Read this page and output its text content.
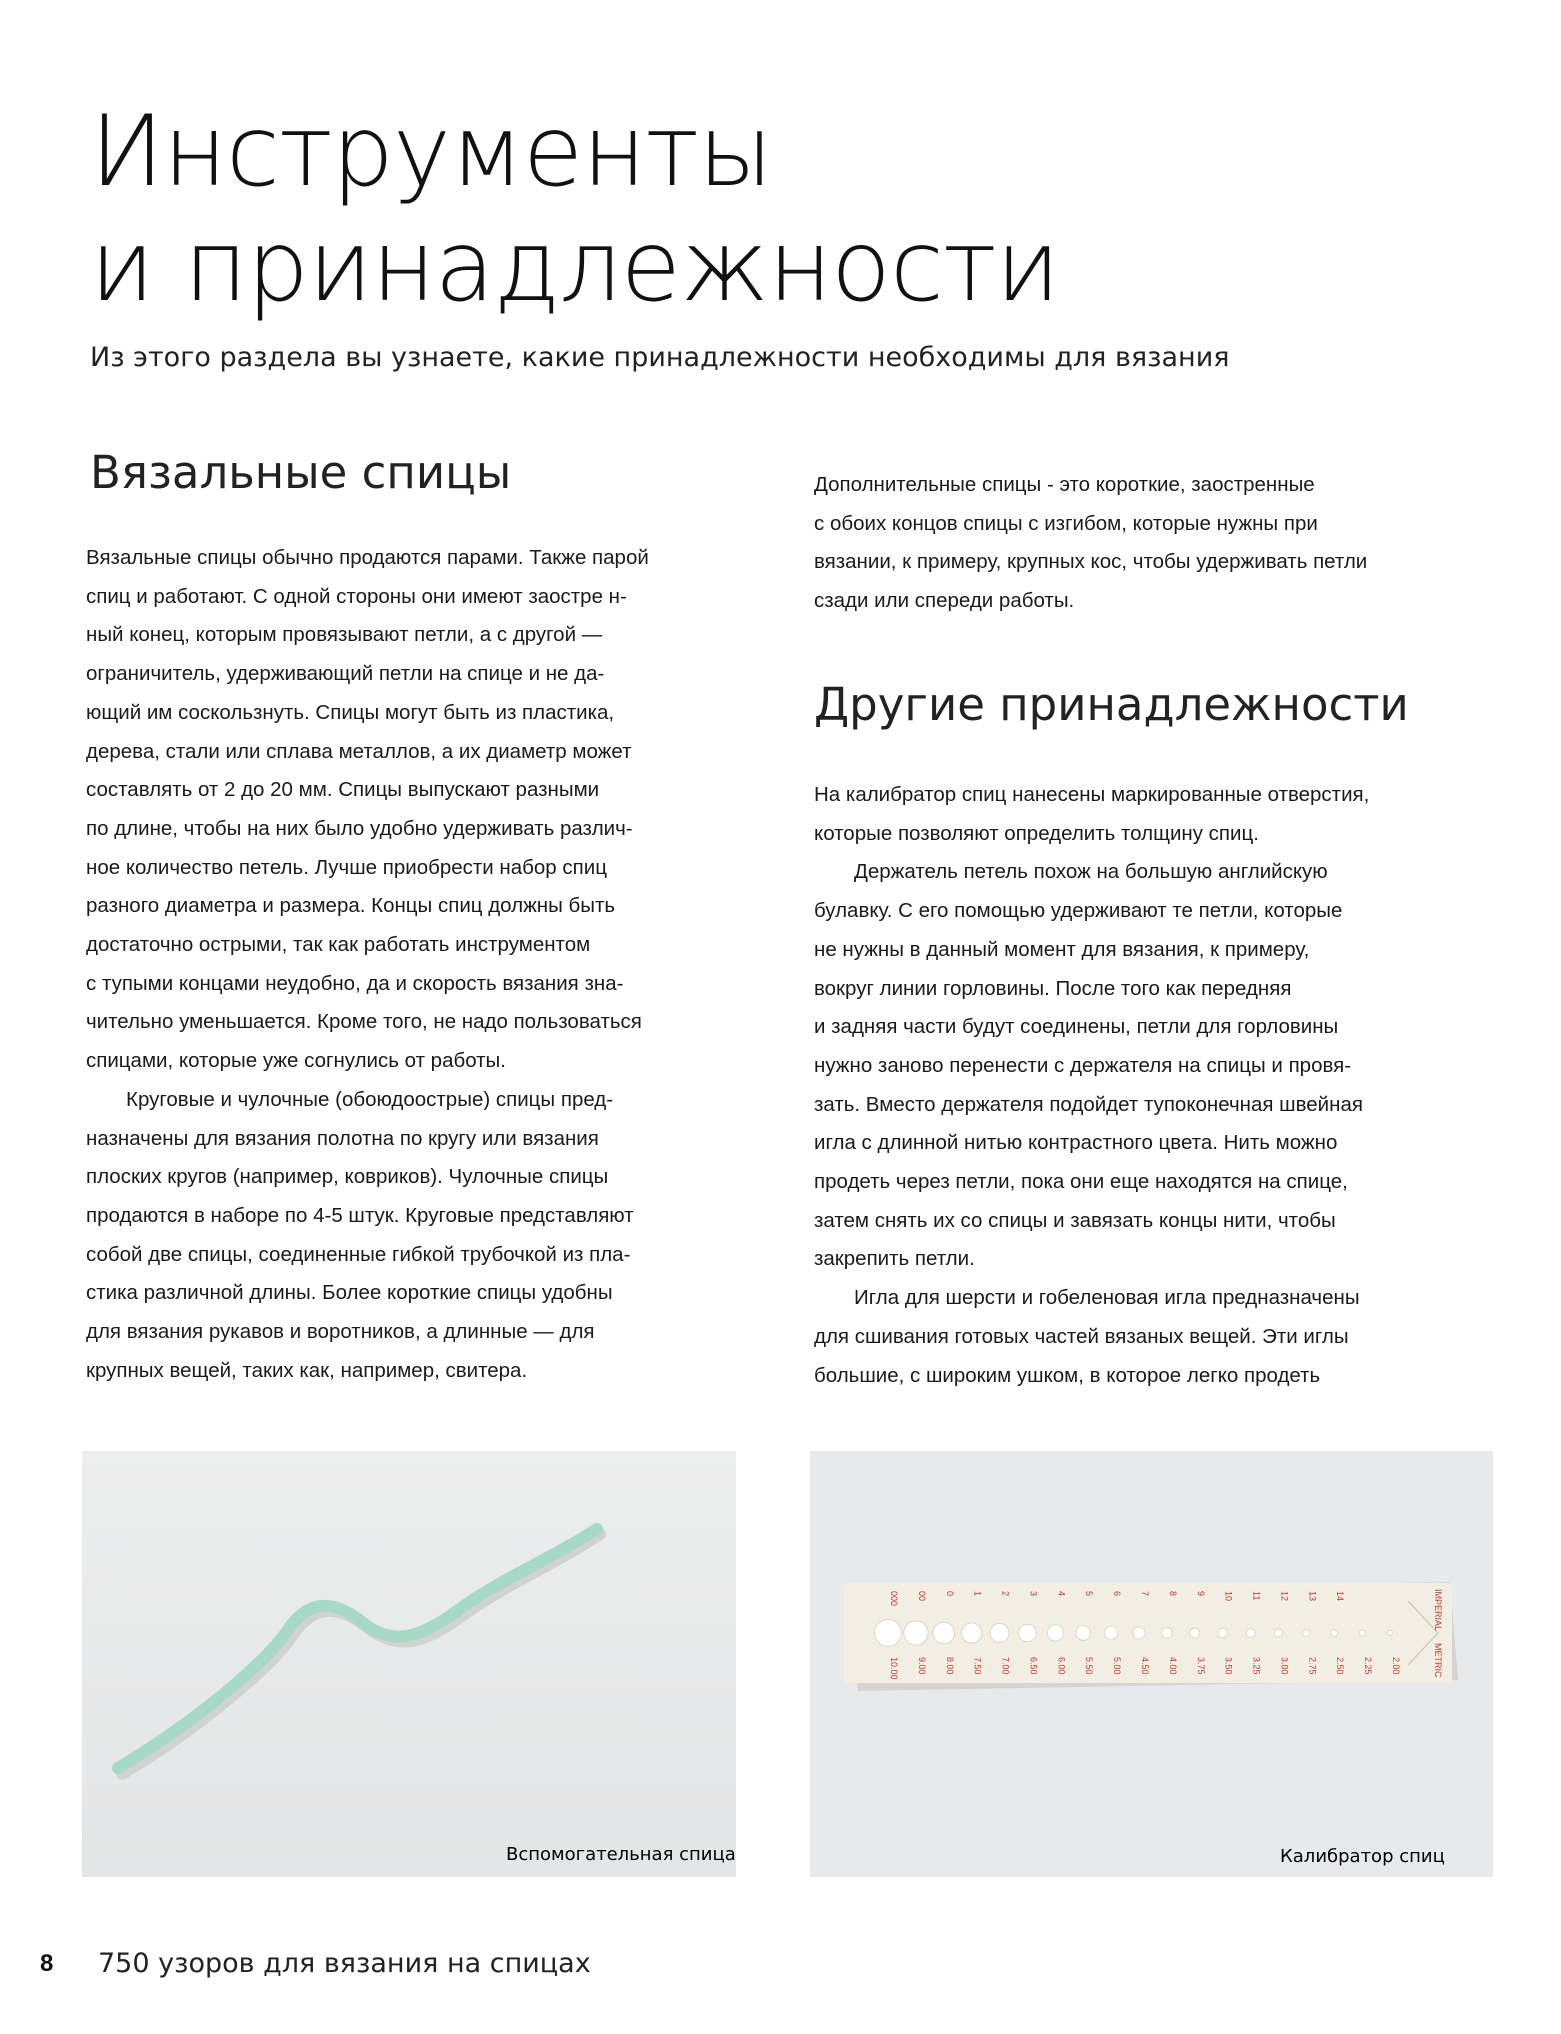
Инструменты
и принадлежности
Из этого раздела вы узнаете, какие принадлежности необходимы для вязания
Вязальные спицы
Вязальные спицы обычно продаются парами. Также парой
спиц и работают. С одной стороны они имеют заостре н-
ный конец, которым провязывают петли, а с другой —
ограничитель, удерживающий петли на спице и не да-
ющий им соскользнуть. Спицы могут быть из пластика,
дерева, стали или сплава металлов, а их диаметр может
составлять от 2 до 20 мм. Спицы выпускают разными
по длине, чтобы на них было удобно удерживать различ-
ное количество петель. Лучше приобрести набор спиц
разного диаметра и размера. Концы спиц должны быть
достаточно острыми, так как работать инструментом
с тупыми концами неудобно, да и скорость вязания зна-
чительно уменьшается. Кроме того, не надо пользоваться
спицами, которые уже согнулись от работы.
Круговые и чулочные (обоюдоострые) спицы пред-
назначены для вязания полотна по кругу или вязания
плоских кругов (например, ковриков). Чулочные спицы
продаются в наборе по 4-5 штук. Круговые представляют
собой две спицы, соединенные гибкой трубочкой из пла-
стика различной длины. Более короткие спицы удобны
для вязания рукавов и воротников, а длинные — для
крупных вещей, таких как, например, свитера.
Дополнительные спицы - это короткие, заостренные
с обоих концов спицы с изгибом, которые нужны при
вязании, к примеру, крупных кос, чтобы удерживать петли
сзади или спереди работы.
Другие принадлежности
На калибратор спиц нанесены маркированные отверстия,
которые позволяют определить толщину спиц.
Держатель петель похож на большую английскую
булавку. С его помощью удерживают те петли, которые
не нужны в данный момент для вязания, к примеру,
вокруг линии горловины. После того как передняя
и задняя части будут соединены, петли для горловины
нужно заново перенести с держателя на спицы и провя-
зать. Вместо держателя подойдет тупоконечная швейная
игла с длинной нитью контрастного цвета. Нить можно
продеть через петли, пока они еще находятся на спице,
затем снять их со спицы и завязать концы нити, чтобы
закрепить петли.
Игла для шерсти и гобеленовая игла предназначены
для сшивания готовых частей вязаных вещей. Эти иглы
большие, с широким ушком, в которое легко продеть
Вспомогательная спица
10.00
000
9.00
00
8.00
0
7.50
1
7.00
2
6.50
3
6.00
4
5.50
5
5.00
6
4.50
7
4.00
8
3.75
9
3.50
10
3.25
11
3.00
12
2.75
13
2.50
14
2.25 2.00
IMPERIAL
METRIC
Калибратор спиц
8 750 узоров для вязания на спицах
